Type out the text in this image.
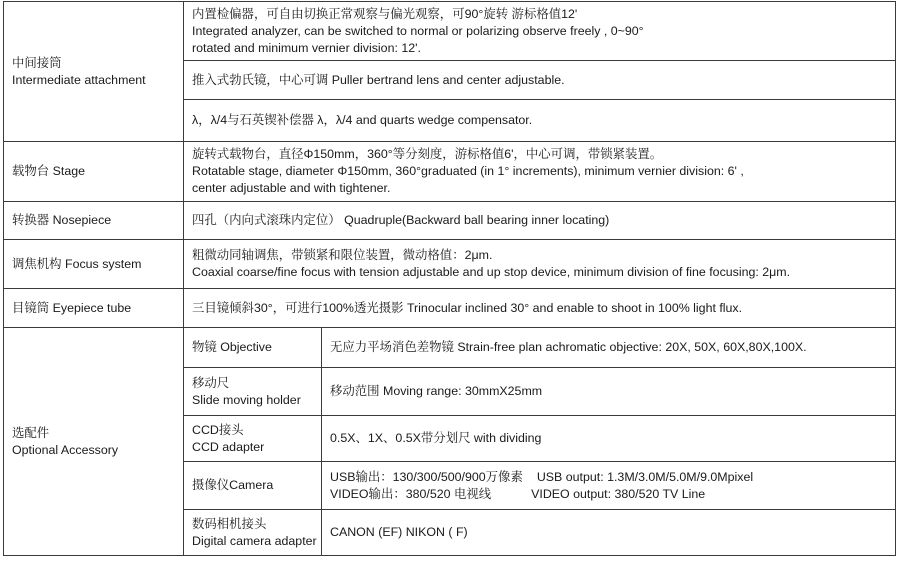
中间接筒
Intermediate attachment	内置检偏器，可自由切换正常观察与偏光观察，可90°旋转 游标格值12'
Integrated analyzer, can be switched to normal or polarizing observe freely , 0~90°
rotated and minimum vernier division: 12'.	

	推入式勃氏镜，中心可调 Puller bertrand lens and center adjustable.	

	λ，λ/4与石英锲补偿器 λ，λ/4 and quarts wedge compensator.	

载物台 Stage	旋转式载物台，直径Φ150mm，360°等分刻度，游标格值6'，中心可调，带锁紧装置。
Rotatable stage, diameter Φ150mm, 360°graduated (in 1° increments), minimum vernier division: 6' ,
center adjustable and with tightener.	

转换器 Nosepiece	四孔（内向式滚珠内定位） Quadruple(Backward ball bearing inner locating)	

调焦机构 Focus system	粗微动同轴调焦，带锁紧和限位装置，微动格值：2μm.
Coaxial coarse/fine focus with tension adjustable and up stop device, minimum division of fine focusing: 2μm.	

目镜筒 Eyepiece tube	三目镜倾斜30°，可进行100%透光摄影 Trinocular inclined 30° and enable to shoot in 100% light flux.	

选配件
Optional Accessory	物镜 Objective	无应力平场消色差物镜 Strain-free plan achromatic objective: 20X, 50X, 60X,80X,100X.

	移动尺
Slide moving holder	移动范围 Moving range: 30mmX25mm

	CCD接头
CCD adapter	0.5X、1X、0.5X带分划尺 with dividing

	摄像仪Camera	USB输出：130/300/500/900万像素 USB output: 1.3M/3.0M/5.0M/9.0Mpixel
VIDEO输出：380/520 电视线 VIDEO output: 380/520 TV Line

	数码相机接头
Digital camera adapter	CANON (EF) NIKON ( F)
